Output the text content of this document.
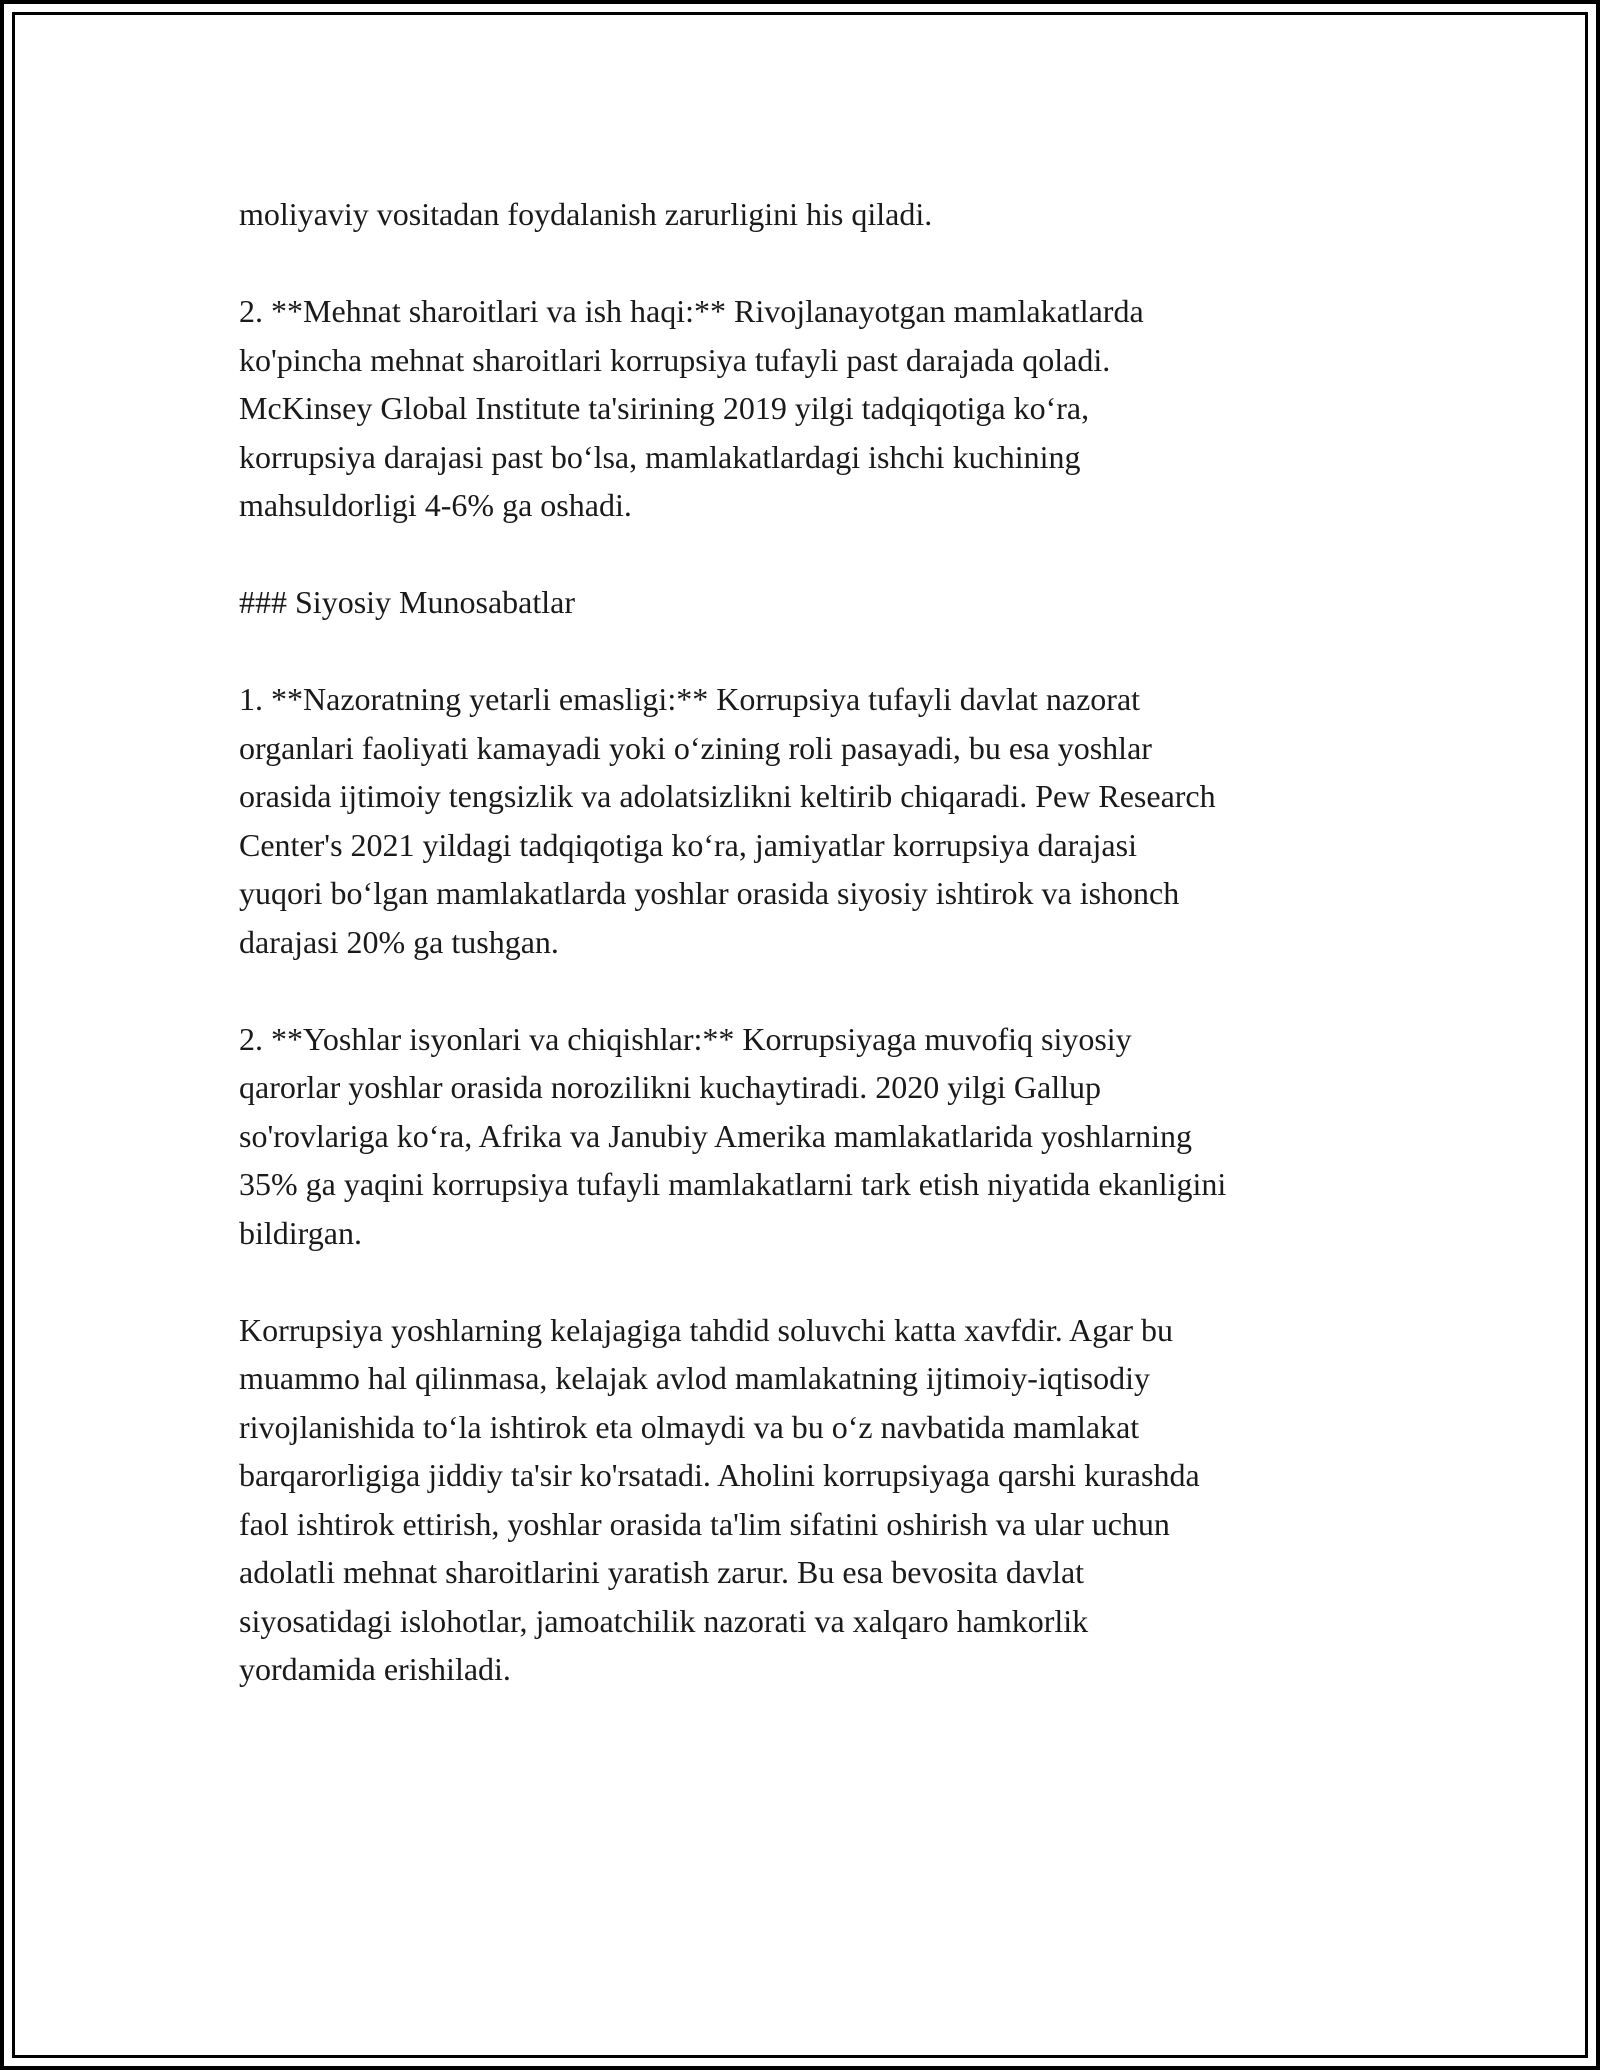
moliyaviy vositadan foydalanish zarurligini his qiladi.

2. **Mehnat sharoitlari va ish haqi:** Rivojlanayotgan mamlakatlarda
ko'pincha mehnat sharoitlari korrupsiya tufayli past darajada qoladi.
McKinsey Global Institute ta'sirining 2019 yilgi tadqiqotiga ko‘ra,
korrupsiya darajasi past bo‘lsa, mamlakatlardagi ishchi kuchining
mahsuldorligi 4-6% ga oshadi.

### Siyosiy Munosabatlar

1. **Nazoratning yetarli emasligi:** Korrupsiya tufayli davlat nazorat
organlari faoliyati kamayadi yoki o‘zining roli pasayadi, bu esa yoshlar
orasida ijtimoiy tengsizlik va adolatsizlikni keltirib chiqaradi. Pew Research
Center's 2021 yildagi tadqiqotiga ko‘ra, jamiyatlar korrupsiya darajasi
yuqori bo‘lgan mamlakatlarda yoshlar orasida siyosiy ishtirok va ishonch
darajasi 20% ga tushgan.

2. **Yoshlar isyonlari va chiqishlar:** Korrupsiyaga muvofiq siyosiy
qarorlar yoshlar orasida norozilikni kuchaytiradi. 2020 yilgi Gallup
so'rovlariga ko‘ra, Afrika va Janubiy Amerika mamlakatlarida yoshlarning
35% ga yaqini korrupsiya tufayli mamlakatlarni tark etish niyatida ekanligini
bildirgan.

Korrupsiya yoshlarning kelajagiga tahdid soluvchi katta xavfdir. Agar bu
muammo hal qilinmasa, kelajak avlod mamlakatning ijtimoiy-iqtisodiy
rivojlanishida to‘la ishtirok eta olmaydi va bu o‘z navbatida mamlakat
barqarorligiga jiddiy ta'sir ko'rsatadi. Aholini korrupsiyaga qarshi kurashda
faol ishtirok ettirish, yoshlar orasida ta'lim sifatini oshirish va ular uchun
adolatli mehnat sharoitlarini yaratish zarur. Bu esa bevosita davlat
siyosatidagi islohotlar, jamoatchilik nazorati va xalqaro hamkorlik
yordamida erishiladi.
